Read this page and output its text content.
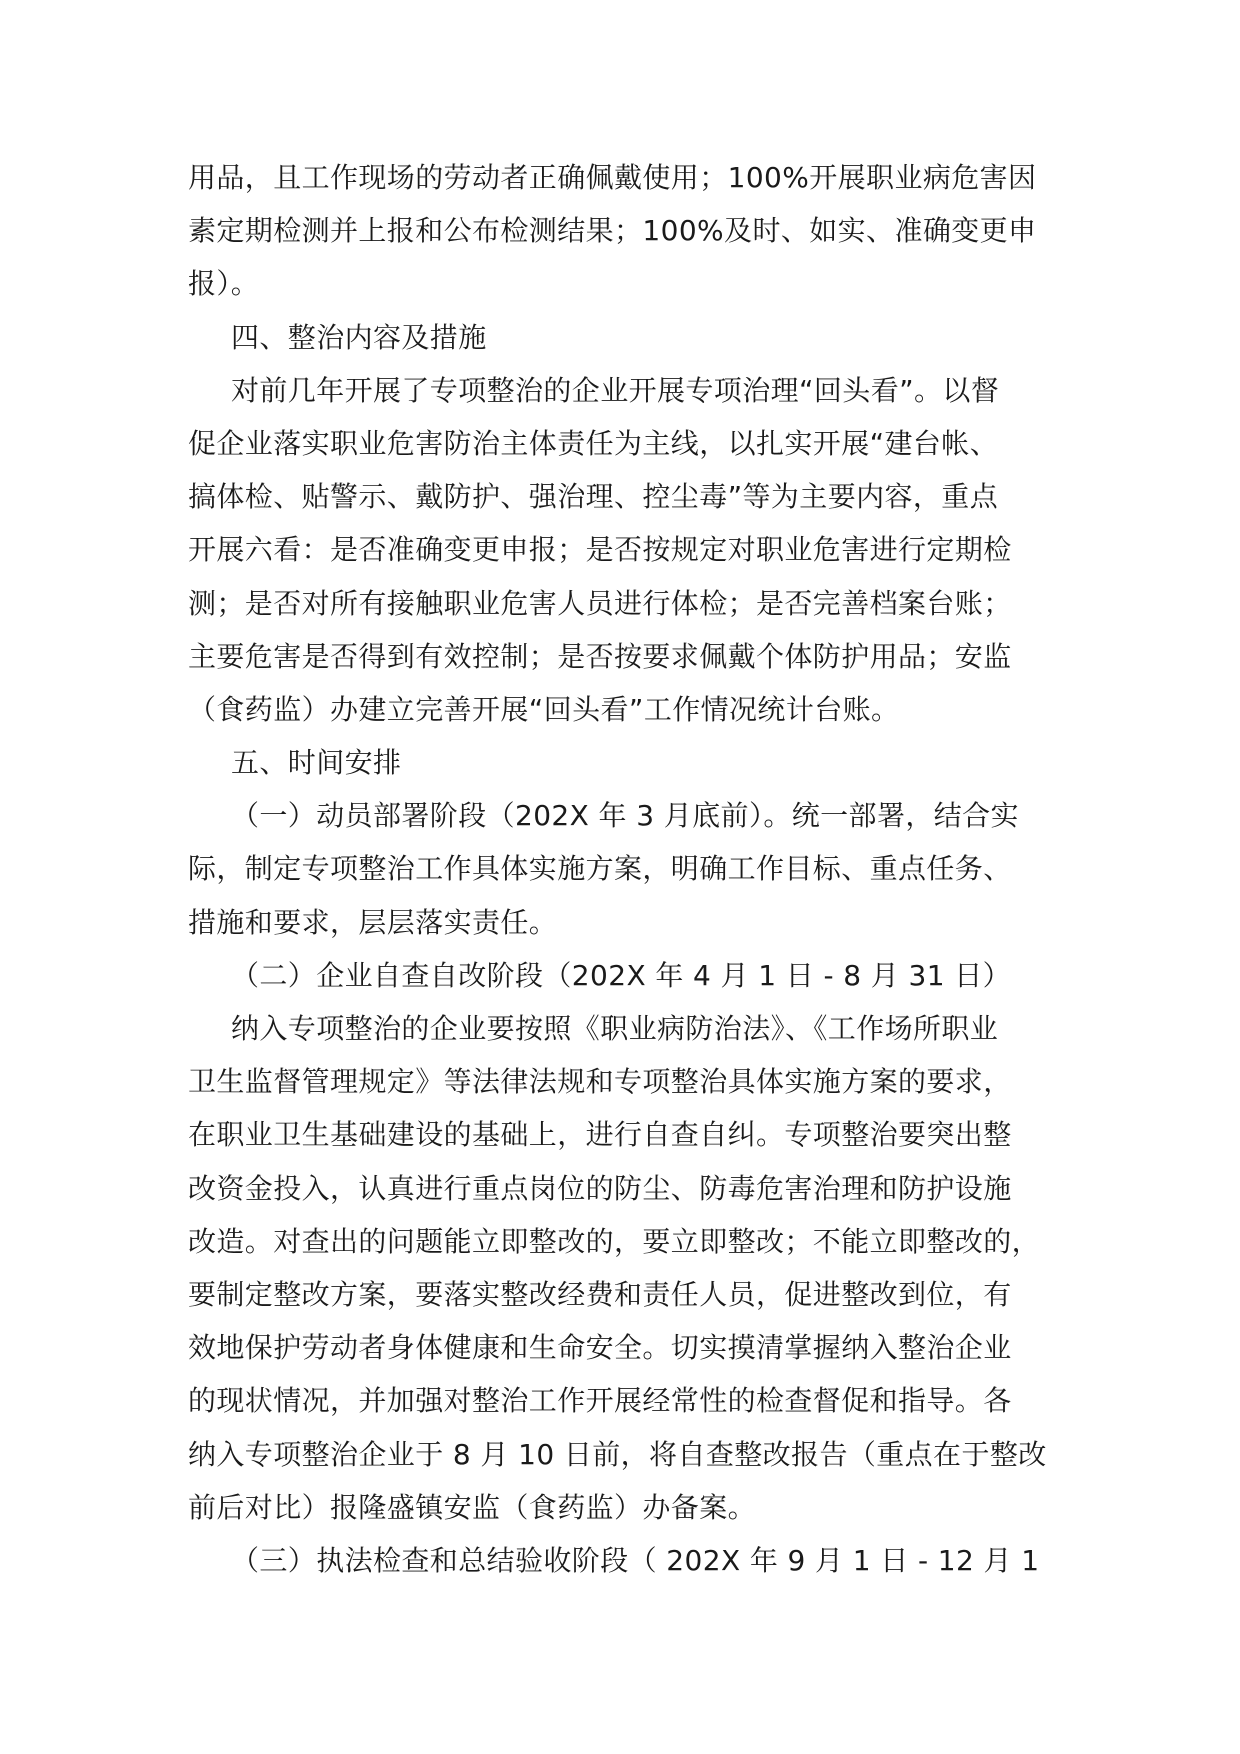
用品，且工作现场的劳动者正确佩戴使用；100%开展职业病危害因
素定期检测并上报和公布检测结果；100%及时、如实、准确变更申
报）。
四、整治内容及措施
对前几年开展了专项整治的企业开展专项治理“回头看”。以督
促企业落实职业危害防治主体责任为主线，以扎实开展“建台帐、
搞体检、贴警示、戴防护、强治理、控尘毒”等为主要内容，重点
开展六看：是否准确变更申报；是否按规定对职业危害进行定期检
测；是否对所有接触职业危害人员进行体检；是否完善档案台账；
主要危害是否得到有效控制；是否按要求佩戴个体防护用品；安监
（食药监）办建立完善开展“回头看”工作情况统计台账。
五、时间安排
（一）动员部署阶段（202X 年 3 月底前）。统一部署，结合实
际，制定专项整治工作具体实施方案，明确工作目标、重点任务、
措施和要求，层层落实责任。
（二）企业自查自改阶段（202X 年 4 月 1 日 - 8 月 31 日）
纳入专项整治的企业要按照《职业病防治法》、《工作场所职业
卫生监督管理规定》等法律法规和专项整治具体实施方案的要求，
在职业卫生基础建设的基础上，进行自查自纠。专项整治要突出整
改资金投入，认真进行重点岗位的防尘、防毒危害治理和防护设施
改造。对查出的问题能立即整改的，要立即整改；不能立即整改的，
要制定整改方案，要落实整改经费和责任人员，促进整改到位，有
效地保护劳动者身体健康和生命安全。切实摸清掌握纳入整治企业
的现状情况，并加强对整治工作开展经常性的检查督促和指导。各
纳入专项整治企业于 8 月 10 日前，将自查整改报告（重点在于整改
前后对比）报隆盛镇安监（食药监）办备案。
（三）执法检查和总结验收阶段（ 202X 年 9 月 1 日 - 12 月 1
